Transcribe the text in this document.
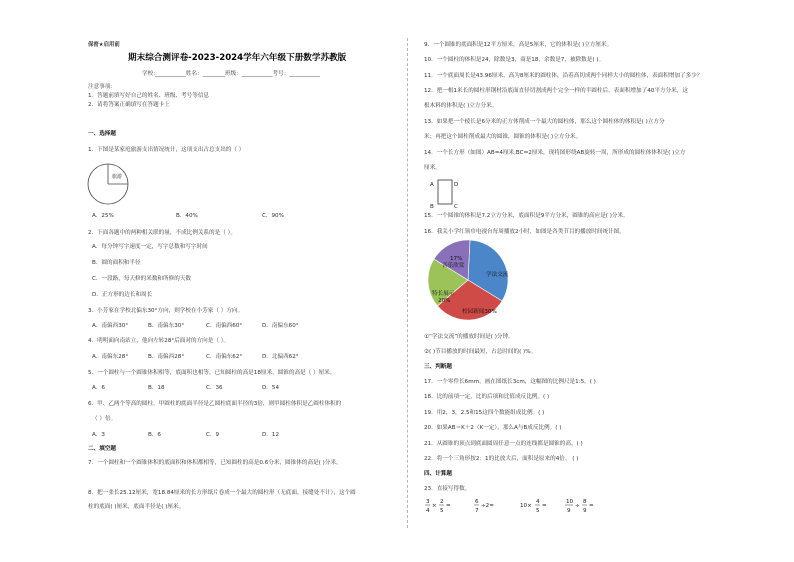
保密★启用前
期末综合测评卷-2023-2024学年六年级下册数学苏教版
学校:___________姓名：________班级：___________考号：___________
注意事项：
1．答题前填写好自己的姓名、班级、考号等信息
2．请将答案正确填写在答题卡上
一、选择题
1．下图是某家庭旅游支出情况统计，这项支出占总支出的（ ）
旅游
A．25%	B．40%	C．90%
2．下面各题中的两种相关联的量，不成比例关系的是（ ）。
A．每分钟写字速度一定，写字总数和写字时间
B．圆的面积和半径
C．一段路，每天修的米数和所修的天数
D．正方形的边长和周长
3．小芳家在学校北偏东30°方向，则学校在小芳家（ ）方向。
A．南偏西30°	B．南偏东30°	C．南偏西60°	D．南偏东60°
4．明明面向南站立，他向左转28°后面对的方向是（ ）。
A．南偏东28°	B．南偏西28°	C．南偏东62°	D．北偏西62°
5．一个圆柱与一个圆锥体积相等，底面积也相等，已知圆柱的高是18厘米，圆锥的高是（ ）厘米。
A．6	B．18	C．36	D．54
6．甲、乙两个等高的圆柱，甲圆柱的底面半径是乙圆柱底面半径的3倍，则甲圆柱体积是乙圆柱体积的
（ ）倍。
A．3	B．6	C．9	D．12
二、填空题
7．一个圆柱和一个圆锥体积的底面积和体积都相等，已知圆柱的高是0.6分米，圆锥体的高是( )分米。
8．把一张长25.12厘米，宽18.84厘米的长方形纸片卷成一个最大的圆柱形（无底面，接缝处不计），这个圆
柱的底面( )厘米，底面半径是( )厘米。
9．一个圆锥的底面积是12平方厘米，高是5厘米，它的体积是( )立方厘米。
10．一个圆柱的体积是24，除数是3，商是18，余数是7，被除数是( )。
11．一个底面周长是43.96厘米，高为8厘米的圆柱体，沿着高切成两个同样大小的圆柱体，表面积增加了多少？
12．把一根1米长的圆柱形钢材沿底面直径切割成两个完全一样的半圆柱后，表面积增加了40平方分米，这
根木料的体积是( )立方分米。
13．如果把一个棱长是6分米的正方体削成一个最大的圆柱体，那么这个圆柱体的体积是( )立方分
米；再把这个圆柱削成最大的圆锥，圆锥的体积是( )立方分米。
14．一个长方形（如图）AB=4厘米,BC=2厘米，现将图形绕AB旋转一周，所形成的圆柱体体积是( )立方
厘米。
A	D
B	C
15．一个圆锥的体积是7.2立方分米，底面积是9平方分米，圆锥的高应是( )分米。
16．我关小学红领巾电视台每周播放2小时，如图是各类节目的播放时间统计图。
学法交流
校园新闻30%
特长展示
20%
17%
音乐欣赏
①“学法交流”的播放时间是( )分钟。
②( )节目播放的时间最短，占总时间的( )%。
三、判断题
17．一个零件长6mm，画在图纸长3cm，这幅图的比例尺是1:5。( )
18．比的前项一定，比的后项和比值成反比例。( )
19．用2，3，2.5和15这四个数能组成比例。( )
20．如果AB＝K＋2（K一定），那么A与B成反比例。( )
21．从圆锥的顶点到底面圆周任意一点的连线都是圆锥的高。( )
22．将一个三角形按2：1的比放大后，面积是原来的4倍。 ( )
四、计算题
23．直接写得数。
3
4
×
2
5
=
6
7
÷2=	10×
4
5
=
10
9
÷
8
9
=
